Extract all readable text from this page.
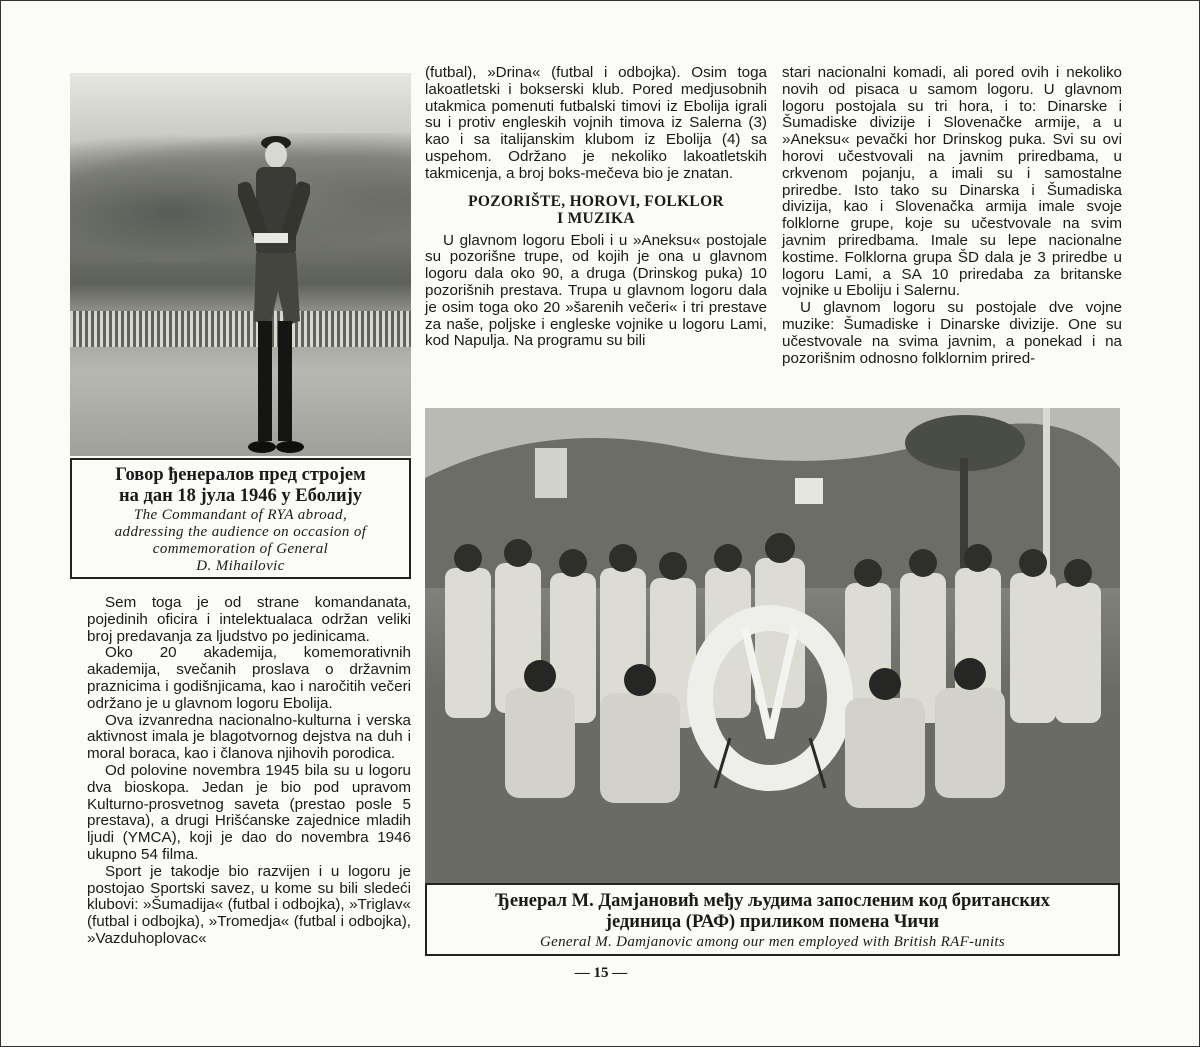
Говор ђенералов пред стројем
на дан 18 јула 1946 у Еболију
The Commandant of RYA abroad,
addressing the audience on occasion of
commemoration of General
D. Mihailovic

Sem toga je od strane komandanata, pojedinih oficira i intelektualaca održan veliki broj predavanja za ljudstvo po jedinicama.

Oko 20 akademija, komemorativnih akademija, svečanih proslava o državnim praznicima i godišnjicama, kao i naročitih večeri održano je u glavnom logoru Ebolija.

Ova izvanredna nacionalno-kulturna i verska aktivnost imala je blagotvornog dejstva na duh i moral boraca, kao i članova njihovih porodica.

Od polovine novembra 1945 bila su u logoru dva bioskopa. Jedan je bio pod upravom Kulturno-prosvetnog saveta (prestao posle 5 prestava), a drugi Hrišćanske zajednice mladih ljudi (YMCA), koji je dao do novembra 1946 ukupno 54 filma.

Sport je takodje bio razvijen i u logoru je postojao Sportski savez, u kome su bili sledeći klubovi: »Šumadija« (futbal i odbojka), »Triglav« (futbal i odbojka), »Tromedja« (futbal i odbojka), »Vazduhoplovac«

(futbal), »Drina« (futbal i odbojka). Osim toga lakoatletski i bokserski klub. Pored medjusobnih utakmica pomenuti futbalski timovi iz Ebolija igrali su i protiv engleskih vojnih timova iz Salerna (3) kao i sa italijanskim klubom iz Ebolija (4) sa uspehom. Održano je nekoliko lakoatletskih takmicenja, a broj boks-mečeva bio je znatan.

POZORIŠTE, HOROVI, FOLKLOR
I MUZIKA

U glavnom logoru Eboli i u »Aneksu« postojale su pozorišne trupe, od kojih je ona u glavnom logoru dala oko 90, a druga (Drinskog puka) 10 pozorišnih prestava. Trupa u glavnom logoru dala je osim toga oko 20 »šarenih večeri« i tri prestave za naše, poljske i engleske vojnike u logoru Lami, kod Napulja. Na programu su bili

stari nacionalni komadi, ali pored ovih i nekoliko novih od pisaca u samom logoru. U glavnom logoru postojala su tri hora, i to: Dinarske i Šumadiske divizije i Slovenačke armije, a u »Aneksu« pevački hor Drinskog puka. Svi su ovi horovi učestvovali na javnim priredbama, u crkvenom pojanju, a imali su i samostalne priredbe. Isto tako su Dinarska i Šumadiska divizija, kao i Slovenačka armija imale svoje folklorne grupe, koje su učestvovale na svim javnim priredbama. Imale su lepe nacionalne kostime. Folklorna grupa ŠD dala je 3 priredbe u logoru Lami, a SA 10 priredaba za britanske vojnike u Eboliju i Salernu.

U glavnom logoru su postojale dve vojne muzike: Šumadiske i Dinarske divizije. One su učestvovale na svima javnim, a ponekad i na pozorišnim odnosno folklornim prired-

Ђенерал М. Дамјановић међу људима запосленим код британских
јединица (РАФ) приликом помена Чичи
General M. Damjanovic among our men employed with British RAF-units
— 15 —
